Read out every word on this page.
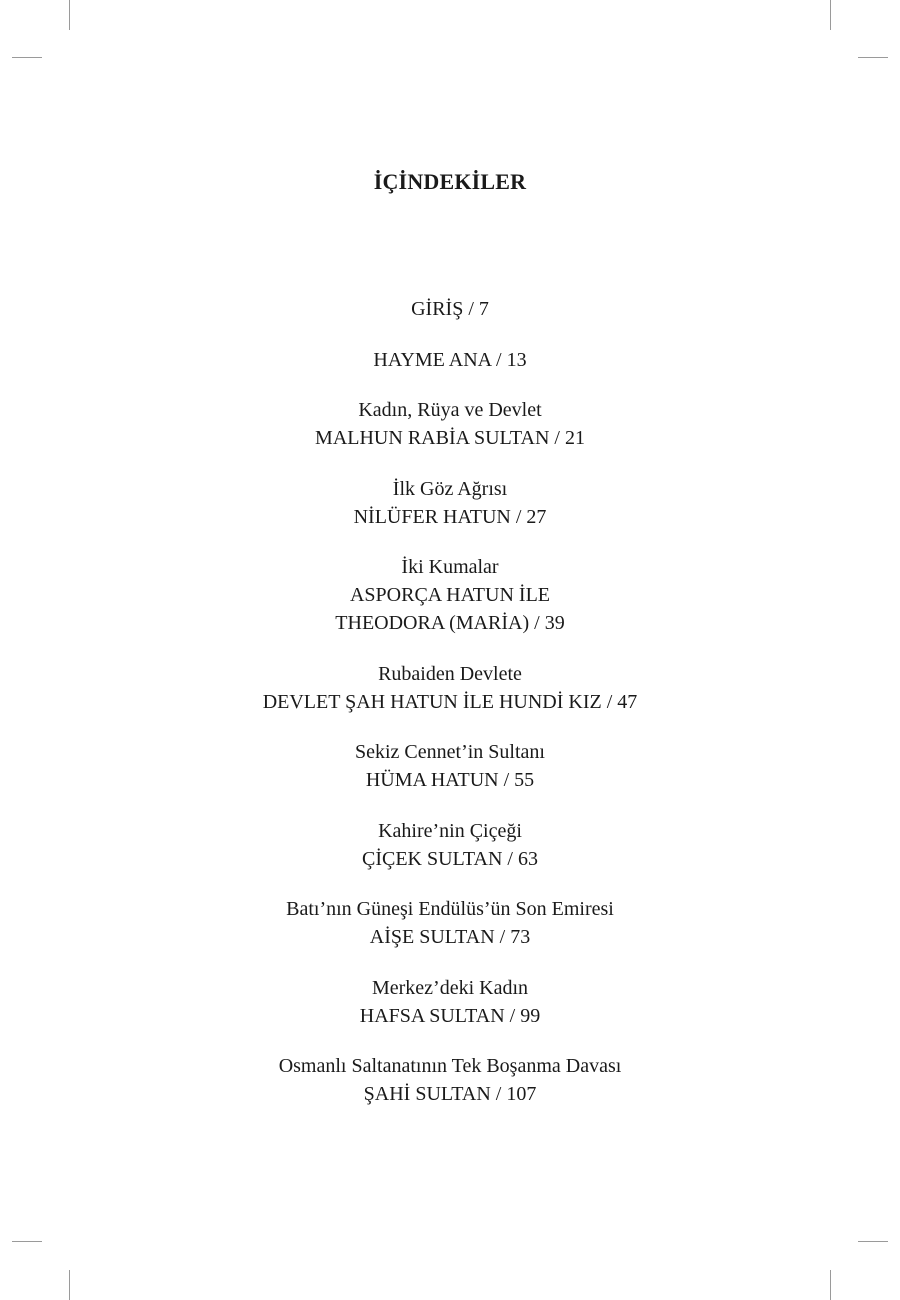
İÇİNDEKİLER
GİRİŞ / 7
HAYME ANA / 13
Kadın, Rüya ve Devlet
MALHUN RABİA SULTAN / 21
İlk Göz Ağrısı
NİLÜFER HATUN / 27
İki Kumalar
ASPORÇA HATUN İLE
THEODORA (MARİA) / 39
Rubaiden Devlete
DEVLET ŞAH HATUN İLE HUNDİ KIZ / 47
Sekiz Cennet’in Sultanı
HÜMA HATUN / 55
Kahire’nin Çiçeği
ÇİÇEK SULTAN / 63
Batı’nın Güneşi Endülüs’ün Son Emiresi
AİŞE SULTAN / 73
Merkez’deki Kadın
HAFSA SULTAN / 99
Osmanlı Saltanatının Tek Boşanma Davası
ŞAHİ SULTAN / 107
